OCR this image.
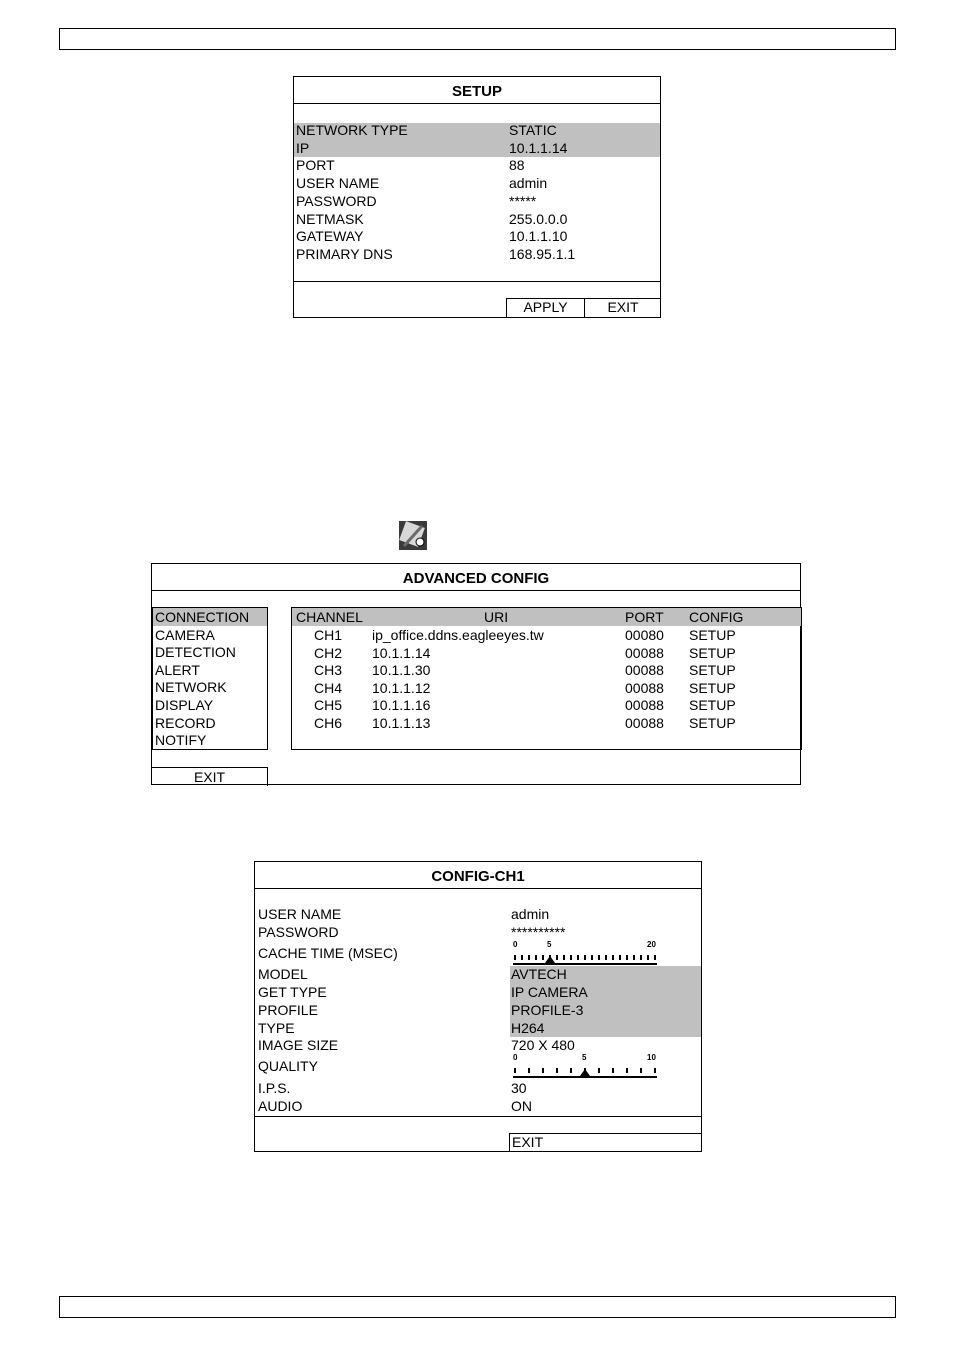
SETUP
NETWORK TYPE	STATIC
IP	10.1.1.14
PORT	88
USER NAME	admin
PASSWORD	*****
NETMASK	255.0.0.0
GATEWAY	10.1.1.10
PRIMARY DNS	168.95.1.1
APPLY	EXIT
ADVANCED CONFIG
CONNECTION
CAMERA
DETECTION
ALERT
NETWORK
DISPLAY
RECORD
NOTIFY
CHANNEL	URI	PORT CONFIG
CH1 ip_office.ddns.eagleeyes.tw	00080 SETUP
CH2 10.1.1.14	00088 SETUP
CH3 10.1.1.30	00088 SETUP
CH4 10.1.1.12	00088 SETUP
CH5 10.1.1.16	00088 SETUP
CH6 10.1.1.13	00088 SETUP
EXIT
CONFIG-CH1
USER NAME	admin
PASSWORD	**********
CACHE TIME (MSEC)
0	5	20
MODEL	AVTECH
GET TYPE	IP CAMERA
PROFILE	PROFILE-3
TYPE	H264
IMAGE SIZE	720 X 480
QUALITY
0	5	10
I.P.S.	30
AUDIO	ON
EXIT
